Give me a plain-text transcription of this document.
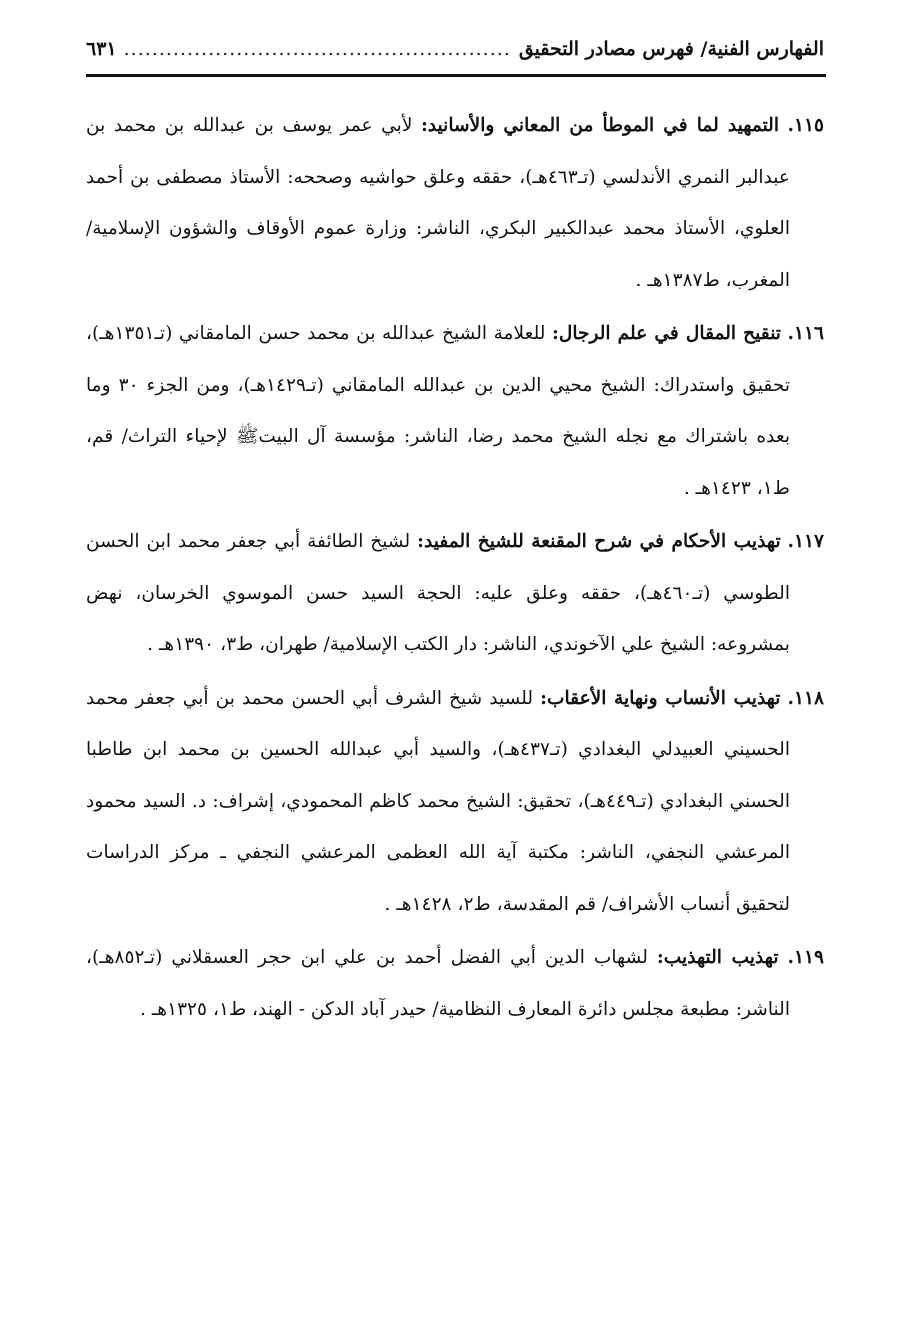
الفهارس الفنية/ فهرس مصادر التحقيق
.....
٦٣١

١١٥. التمهيد لما في الموطأ من المعاني والأسانيد: لأبي عمر يوسف بن عبدالله بن محمد بن عبدالبر النمري الأندلسي (تـ٤٦٣هـ)، حققه وعلق حواشيه وصححه: الأستاذ مصطفى بن أحمد العلوي، الأستاذ محمد عبدالكبير البكري، الناشر: وزارة عموم الأوقاف والشؤون الإسلامية/ المغرب، ط١٣٨٧هـ .

١١٦. تنقيح المقال في علم الرجال: للعلامة الشيخ عبدالله بن محمد حسن المامقاني (تـ١٣٥١هـ)، تحقيق واستدراك: الشيخ محيي الدين بن عبدالله المامقاني (تـ١٤٢٩هـ)، ومن الجزء ٣٠ وما بعده باشتراك مع نجله الشيخ محمد رضا، الناشر: مؤسسة آل البيتﷺ لإحياء التراث/ قم، ط١، ١٤٢٣هـ .

١١٧. تهذيب الأحكام في شرح المقنعة للشيخ المفيد: لشيخ الطائفة أبي جعفر محمد ابن الحسن الطوسي (تـ٤٦٠هـ)، حققه وعلق عليه: الحجة السيد حسن الموسوي الخرسان، نهض بمشروعه: الشيخ علي الآخوندي، الناشر: دار الكتب الإسلامية/ طهران، ط٣، ١٣٩٠هـ .

١١٨. تهذيب الأنساب ونهاية الأعقاب: للسيد شيخ الشرف أبي الحسن محمد بن أبي جعفر محمد الحسيني العبيدلي البغدادي (تـ٤٣٧هـ)، والسيد أبي عبدالله الحسين بن محمد ابن طاطبا الحسني البغدادي (تـ٤٤٩هـ)، تحقيق: الشيخ محمد كاظم المحمودي، إشراف: د. السيد محمود المرعشي النجفي، الناشر: مكتبة آية الله العظمى المرعشي النجفي ـ مركز الدراسات لتحقيق أنساب الأشراف/ قم المقدسة، ط٢، ١٤٢٨هـ .

١١٩. تهذيب التهذيب: لشهاب الدين أبي الفضل أحمد بن علي ابن حجر العسقلاني (تـ٨٥٢هـ)، الناشر: مطبعة مجلس دائرة المعارف النظامية/ حيدر آباد الدكن - الهند، ط١، ١٣٢٥هـ .
